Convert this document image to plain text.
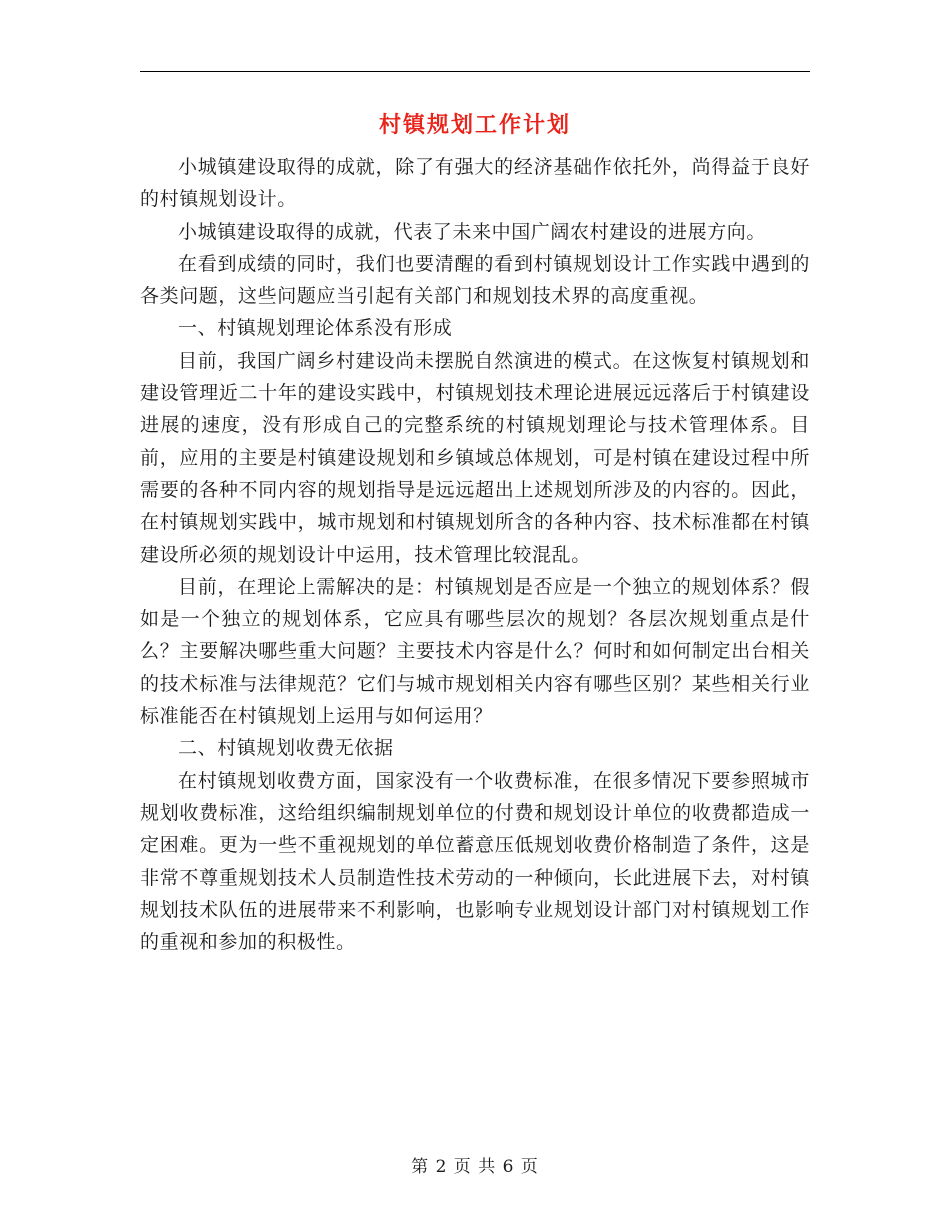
村镇规划工作计划

小城镇建设取得的成就，除了有强大的经济基础作依托外，尚得益于良好的村镇规划设计。

小城镇建设取得的成就，代表了未来中国广阔农村建设的进展方向。

在看到成绩的同时，我们也要清醒的看到村镇规划设计工作实践中遇到的各类问题，这些问题应当引起有关部门和规划技术界的高度重视。

一、村镇规划理论体系没有形成

目前，我国广阔乡村建设尚未摆脱自然演进的模式。在这恢复村镇规划和建设管理近二十年的建设实践中，村镇规划技术理论进展远远落后于村镇建设进展的速度，没有形成自己的完整系统的村镇规划理论与技术管理体系。目前，应用的主要是村镇建设规划和乡镇域总体规划，可是村镇在建设过程中所需要的各种不同内容的规划指导是远远超出上述规划所涉及的内容的。因此，在村镇规划实践中，城市规划和村镇规划所含的各种内容、技术标准都在村镇建设所必须的规划设计中运用，技术管理比较混乱。

目前，在理论上需解决的是：村镇规划是否应是一个独立的规划体系？假如是一个独立的规划体系，它应具有哪些层次的规划？各层次规划重点是什么？主要解决哪些重大问题？主要技术内容是什么？何时和如何制定出台相关的技术标准与法律规范？它们与城市规划相关内容有哪些区别？某些相关行业标准能否在村镇规划上运用与如何运用？

二、村镇规划收费无依据

在村镇规划收费方面，国家没有一个收费标准，在很多情况下要参照城市规划收费标准，这给组织编制规划单位的付费和规划设计单位的收费都造成一定困难。更为一些不重视规划的单位蓄意压低规划收费价格制造了条件，这是非常不尊重规划技术人员制造性技术劳动的一种倾向，长此进展下去，对村镇规划技术队伍的进展带来不利影响，也影响专业规划设计部门对村镇规划工作的重视和参加的积极性。

第 2 页 共 6 页
